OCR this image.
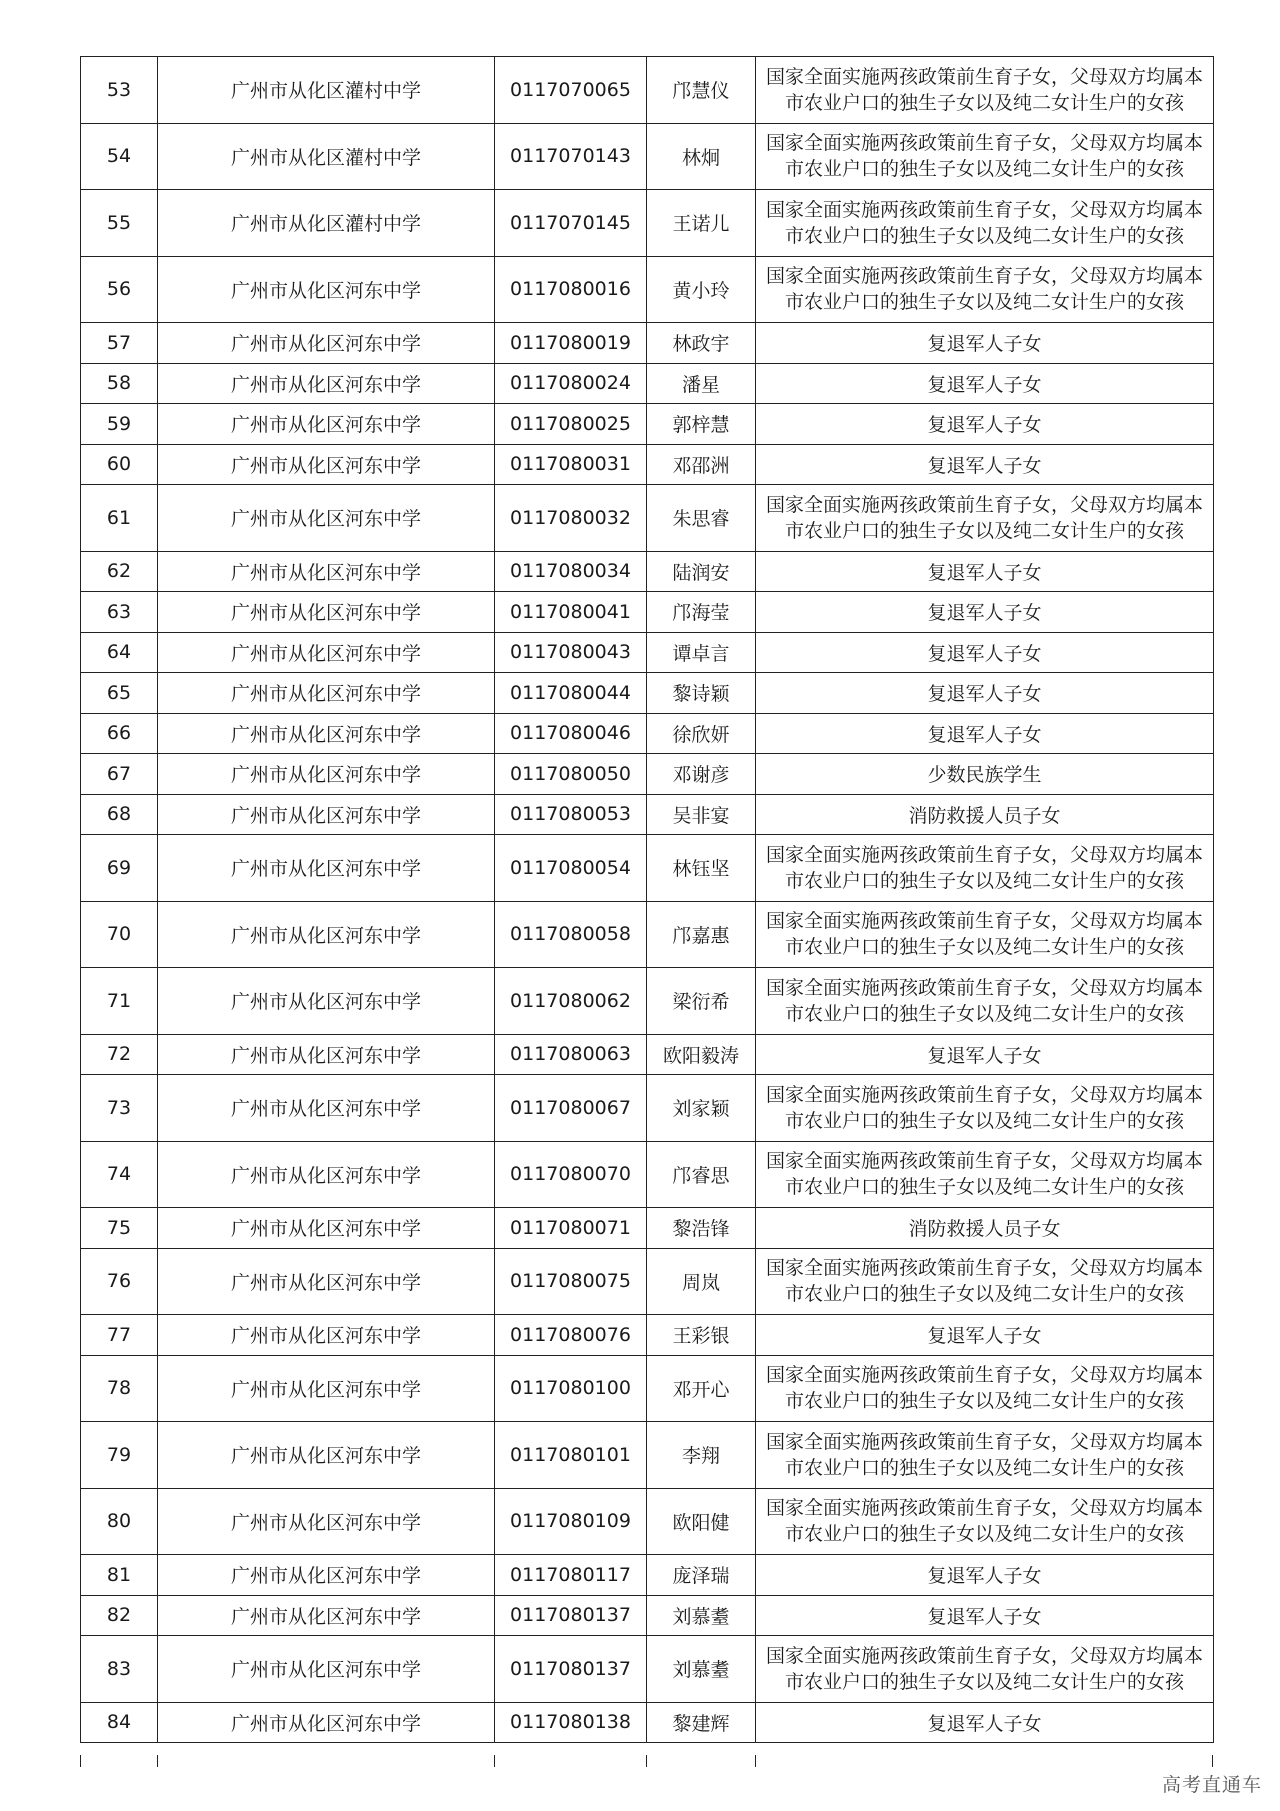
53	广州市从化区灌村中学	0117070065	邝慧仪	国家全面实施两孩政策前生育子女，父母双方均属本市农业户口的独生子女以及纯二女计生户的女孩
54	广州市从化区灌村中学	0117070143	林炯	国家全面实施两孩政策前生育子女，父母双方均属本市农业户口的独生子女以及纯二女计生户的女孩
55	广州市从化区灌村中学	0117070145	王诺儿	国家全面实施两孩政策前生育子女，父母双方均属本市农业户口的独生子女以及纯二女计生户的女孩
56	广州市从化区河东中学	0117080016	黄小玲	国家全面实施两孩政策前生育子女，父母双方均属本市农业户口的独生子女以及纯二女计生户的女孩
57	广州市从化区河东中学	0117080019	林政宇	复退军人子女
58	广州市从化区河东中学	0117080024	潘星	复退军人子女
59	广州市从化区河东中学	0117080025	郭梓慧	复退军人子女
60	广州市从化区河东中学	0117080031	邓邵洲	复退军人子女
61	广州市从化区河东中学	0117080032	朱思睿	国家全面实施两孩政策前生育子女，父母双方均属本市农业户口的独生子女以及纯二女计生户的女孩
62	广州市从化区河东中学	0117080034	陆润安	复退军人子女
63	广州市从化区河东中学	0117080041	邝海莹	复退军人子女
64	广州市从化区河东中学	0117080043	谭卓言	复退军人子女
65	广州市从化区河东中学	0117080044	黎诗颖	复退军人子女
66	广州市从化区河东中学	0117080046	徐欣妍	复退军人子女
67	广州市从化区河东中学	0117080050	邓谢彦	少数民族学生
68	广州市从化区河东中学	0117080053	吴非宴	消防救援人员子女
69	广州市从化区河东中学	0117080054	林钰坚	国家全面实施两孩政策前生育子女，父母双方均属本市农业户口的独生子女以及纯二女计生户的女孩
70	广州市从化区河东中学	0117080058	邝嘉惠	国家全面实施两孩政策前生育子女，父母双方均属本市农业户口的独生子女以及纯二女计生户的女孩
71	广州市从化区河东中学	0117080062	梁衍希	国家全面实施两孩政策前生育子女，父母双方均属本市农业户口的独生子女以及纯二女计生户的女孩
72	广州市从化区河东中学	0117080063	欧阳毅涛	复退军人子女
73	广州市从化区河东中学	0117080067	刘家颖	国家全面实施两孩政策前生育子女，父母双方均属本市农业户口的独生子女以及纯二女计生户的女孩
74	广州市从化区河东中学	0117080070	邝睿思	国家全面实施两孩政策前生育子女，父母双方均属本市农业户口的独生子女以及纯二女计生户的女孩
75	广州市从化区河东中学	0117080071	黎浩锋	消防救援人员子女
76	广州市从化区河东中学	0117080075	周岚	国家全面实施两孩政策前生育子女，父母双方均属本市农业户口的独生子女以及纯二女计生户的女孩
77	广州市从化区河东中学	0117080076	王彩银	复退军人子女
78	广州市从化区河东中学	0117080100	邓开心	国家全面实施两孩政策前生育子女，父母双方均属本市农业户口的独生子女以及纯二女计生户的女孩
79	广州市从化区河东中学	0117080101	李翔	国家全面实施两孩政策前生育子女，父母双方均属本市农业户口的独生子女以及纯二女计生户的女孩
80	广州市从化区河东中学	0117080109	欧阳健	国家全面实施两孩政策前生育子女，父母双方均属本市农业户口的独生子女以及纯二女计生户的女孩
81	广州市从化区河东中学	0117080117	庞泽瑞	复退军人子女
82	广州市从化区河东中学	0117080137	刘慕耋	复退军人子女
83	广州市从化区河东中学	0117080137	刘慕耋	国家全面实施两孩政策前生育子女，父母双方均属本市农业户口的独生子女以及纯二女计生户的女孩
84	广州市从化区河东中学	0117080138	黎建辉	复退军人子女
高考直通车
